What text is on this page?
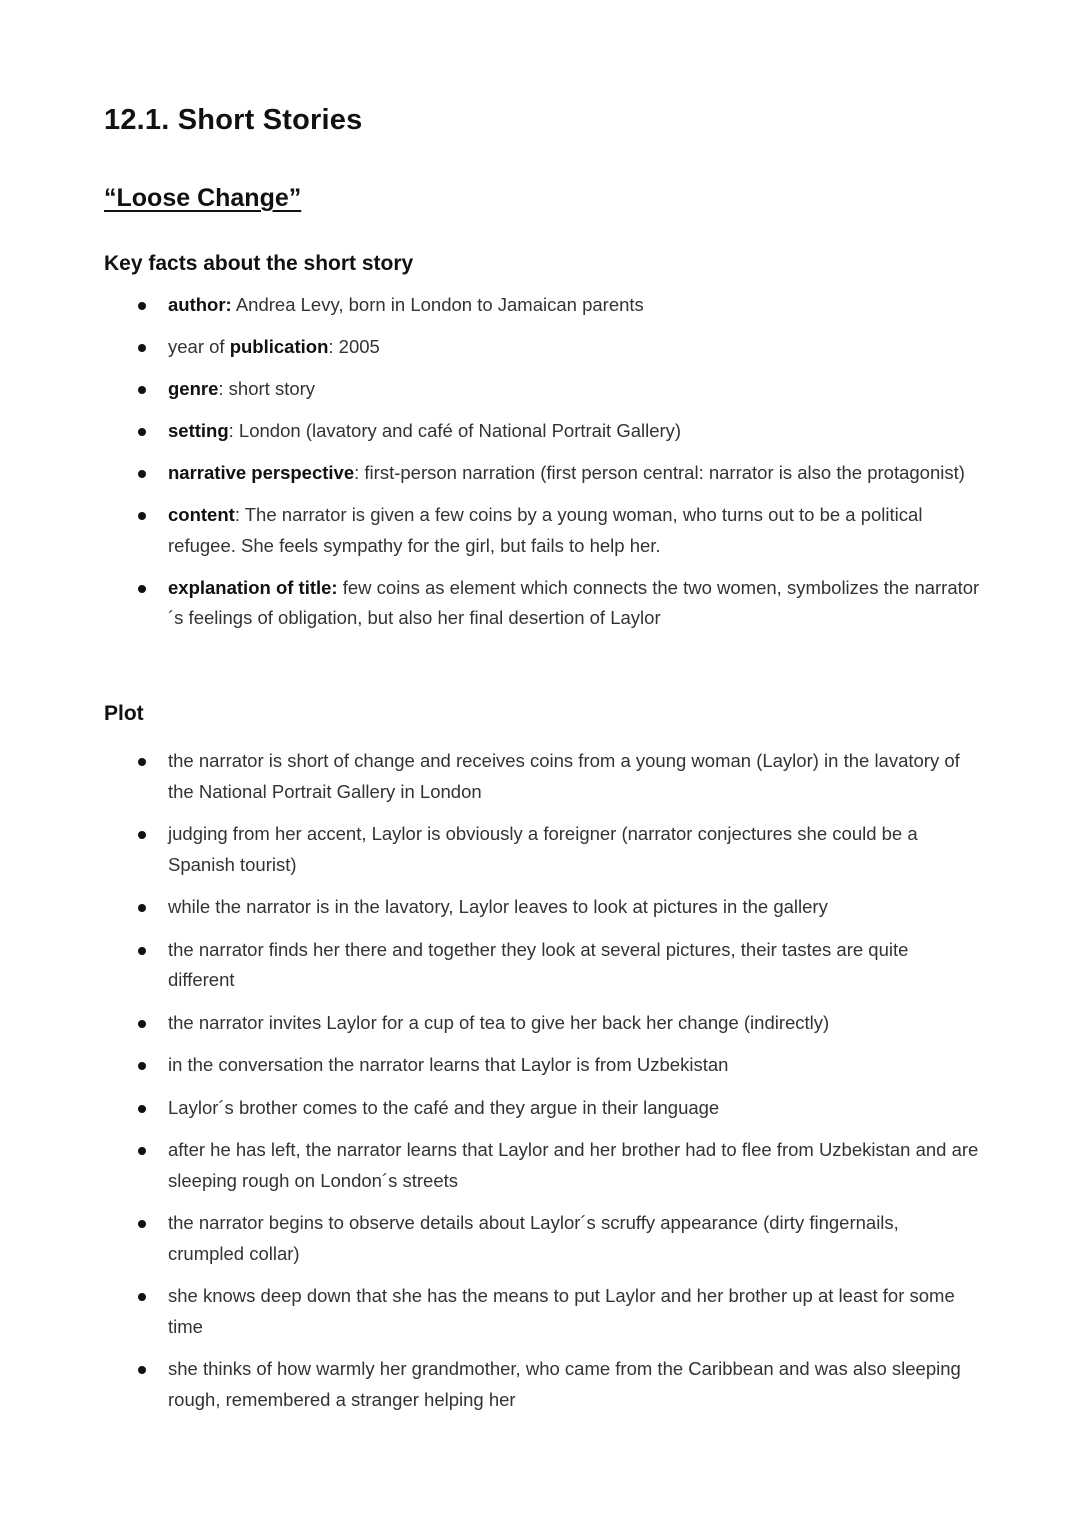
12.1. Short Stories
“Loose Change”
Key facts about the short story
author: Andrea Levy, born in London to Jamaican parents
year of publication: 2005
genre: short story
setting: London (lavatory and café of National Portrait Gallery)
narrative perspective: first-person narration (first person central: narrator is also the protagonist)
content: The narrator is given a few coins by a young woman, who turns out to be a political refugee. She feels sympathy for the girl, but fails to help her.
explanation of title: few coins as element which connects the two women, symbolizes the narrator´s feelings of obligation, but also her final desertion of Laylor
Plot
the narrator is short of change and receives coins from a young woman (Laylor) in the lavatory of the National Portrait Gallery in London
judging from her accent, Laylor is obviously a foreigner (narrator conjectures she could be a Spanish tourist)
while the narrator is in the lavatory, Laylor leaves to look at pictures in the gallery
the narrator finds her there and together they look at several pictures, their tastes are quite different
the narrator invites Laylor for a cup of tea to give her back her change (indirectly)
in the conversation the narrator learns that Laylor is from Uzbekistan
Laylor´s brother comes to the café and they argue in their language
after he has left, the narrator learns that Laylor and her brother had to flee from Uzbekistan and are sleeping rough on London´s streets
the narrator begins to observe details about Laylor´s scruffy appearance (dirty fingernails, crumpled collar)
she knows deep down that she has the means to put Laylor and her brother up at least for some time
she thinks of how warmly her grandmother, who came from the Caribbean and was also sleeping rough, remembered a stranger helping her
